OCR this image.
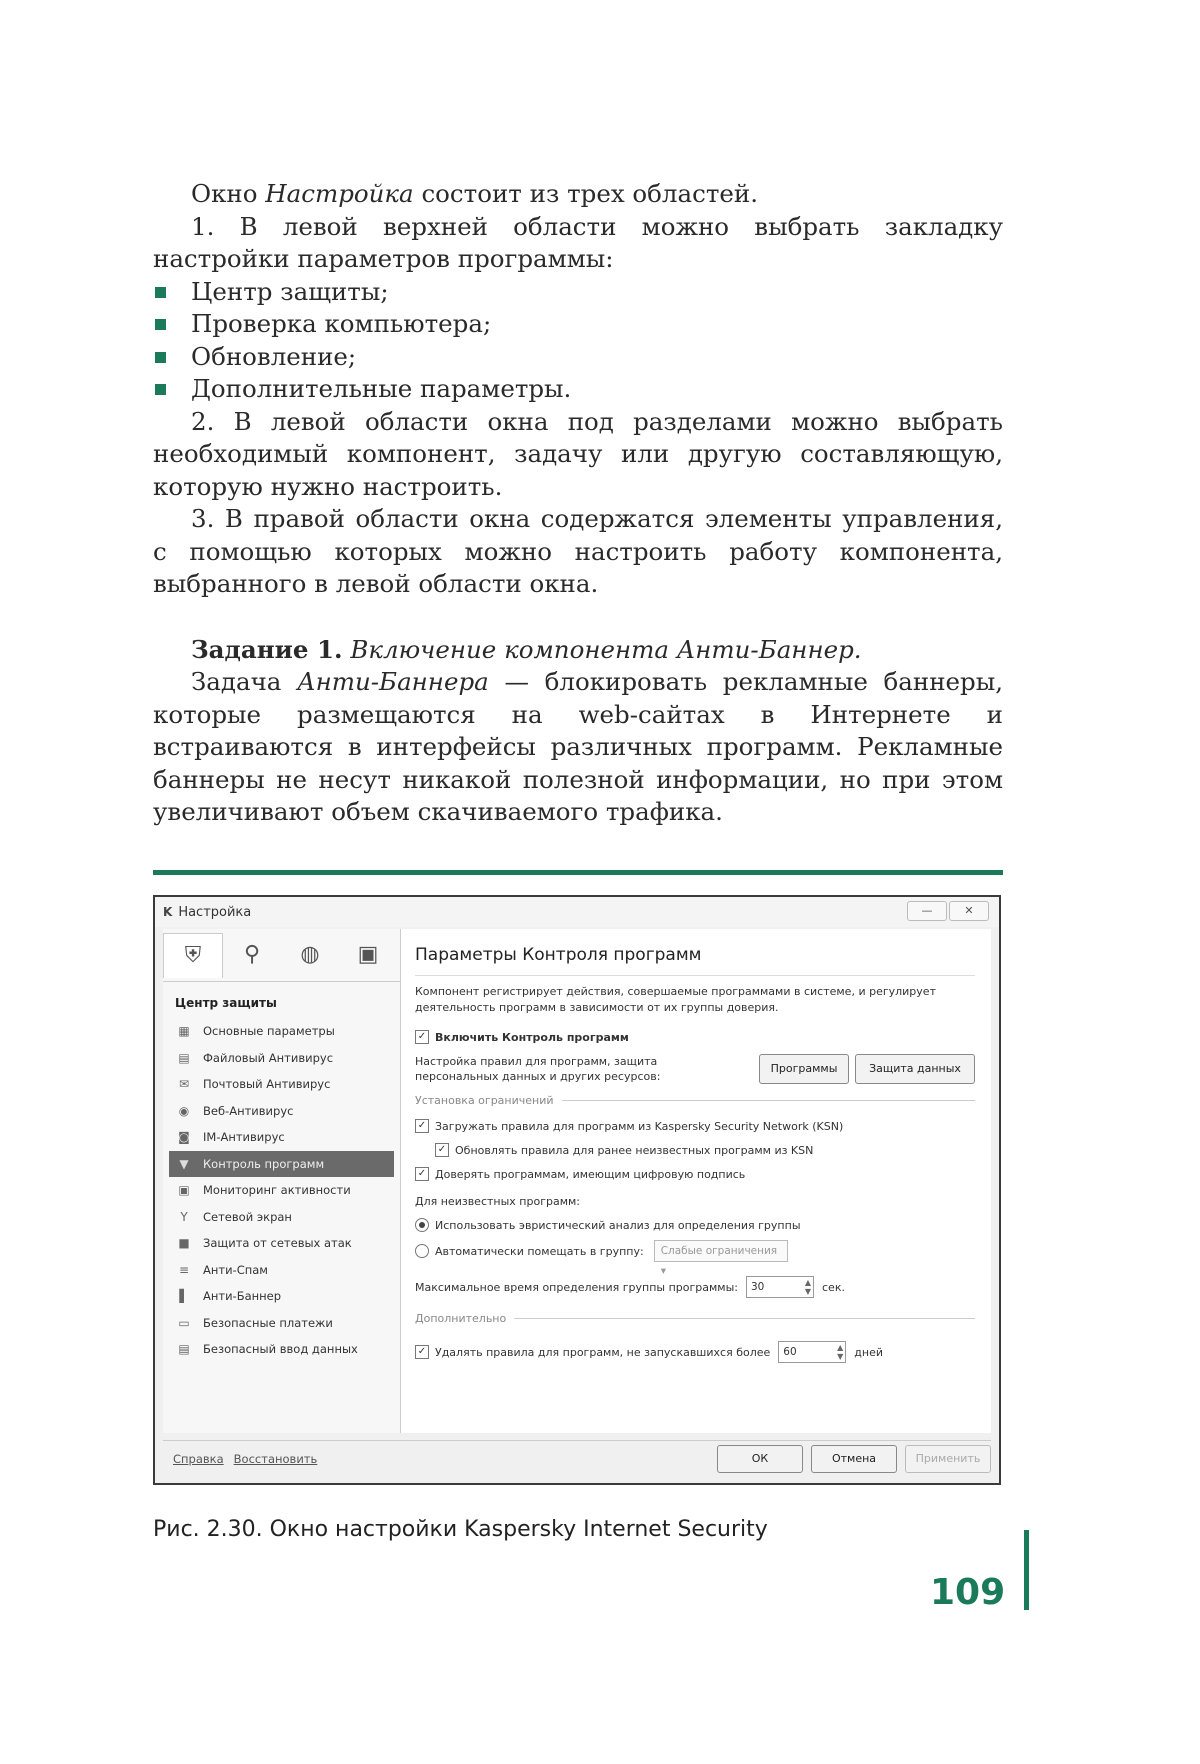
Окно Настройка состоит из трех областей.

1. В левой верхней области можно выбрать закладку настройки параметров программы:

Центр защиты;
Проверка компьютера;
Обновление;
Дополнительные параметры.

2. В левой области окна под разделами можно выбрать необходимый компонент, задачу или другую составляющую, которую нужно настроить.

3. В правой области окна содержатся элементы управления, с помощью которых можно настроить работу компонента, выбранного в левой области окна.

Задание 1. Включение компонента Анти-Баннер.

Задача Анти-Баннера — блокировать рекламные баннеры, которые размещаются на web-сайтах в Интернете и встраиваются в интерфейсы различных программ. Рекламные баннеры не несут никакой полезной информации, но при этом увеличивают объем скачиваемого трафика.

K Настройка	—	✕
⛨	⚲	◍	▣
Центр защиты
▦ Основные параметры
▤ Файловый Антивирус
✉	Почтовый Антивирус
◉	Веб-Антивирус
◙ IM-Антивирус
▼	Контроль программ
▣ Мониторинг активности
Y	Сетевой экран
■ Защита от сетевых атак
≡	Анти-Спам
▌	Анти-Баннер
▭ Безопасные платежи
▤ Безопасный ввод данных
Параметры Контроля программ
Компонент регистрирует действия, совершаемые программами в системе, и регулирует деятельность программ в зависимости от их группы доверия.
✓ Включить Контроль программ
Настройка правил для программ, защита персональных данных и других ресурсов:
Программы	Защита данных
Установка ограничений
✓ Загружать правила для программ из Kaspersky Security Network (KSN)
✓ Обновлять правила для ранее неизвестных программ из KSN
✓ Доверять программам, имеющим цифровую подпись
Для неизвестных программ:
Использовать эвристический анализ для определения группы
Автоматически помещать в группу:	Слабые ограничения ▾
Максимальное время определения группы программы:	30	▲
▼ сек.
Дополнительно
✓ Удалять правила для программ, не запускавшихся более	60	▲
▼ дней
Справка Восстановить	ОК	Отмена	Применить
Рис. 2.30. Окно настройки Kaspersky Internet Security
109
